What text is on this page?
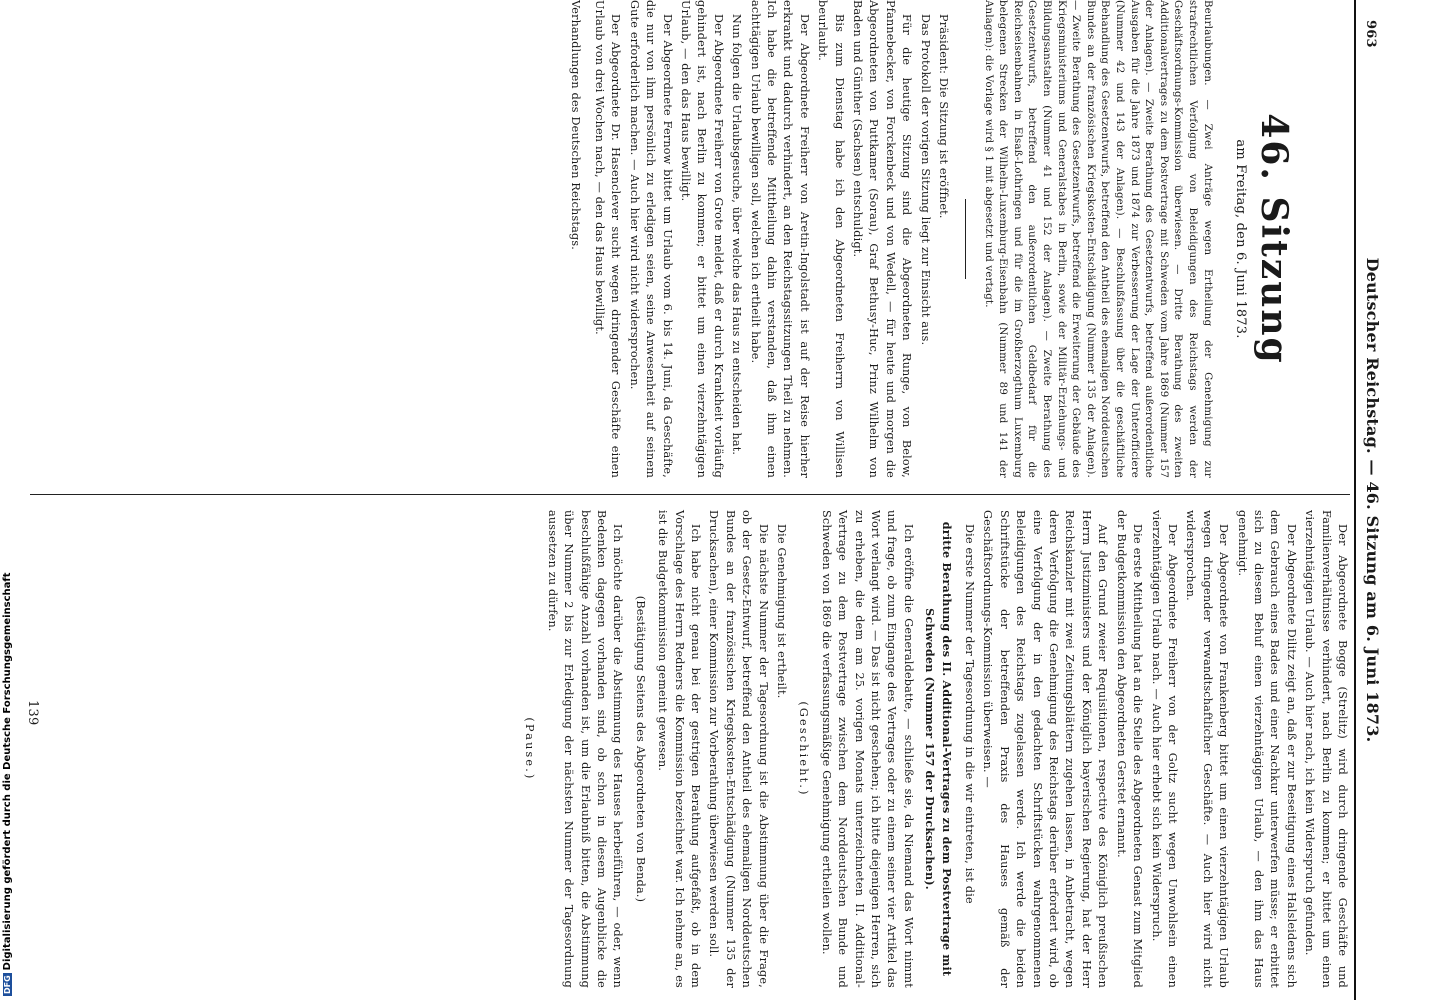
963
Deutscher Reichstag. — 46. Sitzung am 6. Juni 1873.
46. Sitzung
am Freitag, den 6. Juni 1873.

Beurlaubungen. — Zwei Anträge wegen Ertheilung der Genehmigung zur strafrechtlichen Verfolgung von Beleidigungen des Reichstags werden der Geschäftsordnungs-Kommission überwiesen. — Dritte Berathung des zweiten Additionalvertrages zu dem Postvertrage mit Schweden vom Jahre 1869 (Nummer 157 der Anlagen). — Zweite Berathung des Gesetzentwurfs, betreffend außerordentliche Ausgaben für die Jahre 1873 und 1874 zur Verbesserung der Lage der Unterofficiere (Nummer 42 und 143 der Anlagen). — Beschlußfassung über die geschäftliche Behandlung des Gesetzentwurfs, betreffend den Antheil des ehemaligen Norddeutschen Bundes an der französischen Kriegskosten-Entschädigung (Nummer 135 der Anlagen). — Zweite Berathung des Gesetzentwurfs, betreffend die Erweiterung der Gebäude des Kriegsministeriums und Generalstabes in Berlin, sowie der Militär-Erziehungs- und Bildungsanstalten (Nummer 41 und 152 der Anlagen). — Zweite Berathung des Gesetzentwurfs, betreffend den außerordentlichen Geldbedarf für die Reichseisenbahnen in Elsaß-Lothringen und für die im Großherzogthum Luxemburg belegenen Strecken der Wilhelm-Luxemburg-Eisenbahn (Nummer 89 und 141 der Anlagen): die Vorlage wird § 1 mit abgesetzt und vertagt.

Präsident: Die Sitzung ist eröffnet.

Das Protokoll der vorigen Sitzung liegt zur Einsicht aus.

Für die heutige Sitzung sind die Abgeordneten Runge, von Below, Pfannebecker, von Forckenbeck und von Wedell, — für heute und morgen die Abgeordneten von Puttkamer (Sorau), Graf Bethusy-Huc, Prinz Wilhelm von Baden und Günther (Sachsen) entschuldigt.

Bis zum Dienstag habe ich den Abgeordneten Freiherrn von Willisen beurlaubt.

Der Abgeordnete Freiherr von Aretin-Ingolstadt ist auf der Reise hierher erkrankt und dadurch verhindert, an den Reichstagssitzungen Theil zu nehmen. Ich habe die betreffende Mittheilung dahin verstanden, daß ihm einen achttägigen Urlaub bewilligen soll, welchen ich ertheilt habe.

Nun folgen die Urlaubsgesuche, über welche das Haus zu entscheiden hat.

Der Abgeordnete Freiherr von Grote meldet, daß er durch Krankheit vorläufig gehindert ist, nach Berlin zu kommen; er bittet um einen vierzehntägigen Urlaub, — den das Haus bewilligt.

Der Abgeordnete Fernow bittet um Urlaub vom 6. bis 14. Juni, da Geschäfte, die nur von ihm persönlich zu erledigen seien, seine Anwesenheit auf seinem Gute erforderlich machen. — Auch hier wird nicht widersprochen.

Der Abgeordnete Dr. Hasenclever sucht wegen dringender Geschäfte einen Urlaub von drei Wochen nach, — den das Haus bewilligt.

Verhandlungen des Deutschen Reichstags.

Der Abgeordnete Bogge (Strelitz) wird durch dringende Geschäfte und Familienverhältnisse verhindert, nach Berlin zu kommen; er bittet um einen vierzehntägigen Urlaub. — Auch hier nach, ich kein Widerspruch gefunden.

Der Abgeordnete Dilitz zeigt an, daß er zur Beseitigung eines Halsleidens sich dem Gebrauch eines Bades und einer Nachkur unterwerfen müsse; er erbittet sich zu diesem Behuf einen vierzehntägigen Urlaub, — den ihm das Haus genehmigt.

Der Abgeordnete von Frankenberg bittet um einen vierzehntägigen Urlaub wegen dringender verwandtschaftlicher Geschäfte. — Auch hier wird nicht widersprochen.

Der Abgeordnete Freiherr von der Goltz sucht wegen Unwohlsein einen vierzehntägigen Urlaub nach. — Auch hier erhebt sich kein Widerspruch.

Die erste Mittheilung hat an die Stelle des Abgeordneten Genast zum Mitglied der Budgetkommission den Abgeordneten Gerstet ernannt.

Auf den Grund zweier Requisitionen, respective des Königlich preußischen Herrn Justizministers und der Königlich bayerischen Regierung, hat der Herr Reichskanzler mit zwei Zeitungsblättern zugehen lassen, in Anbetracht, wegen deren Verfolgung die Genehmigung des Reichstags derüber erfordert wird, ob eine Verfolgung der in den gedachten Schriftstücken wahrgenommenen Beleidigungen des Reichstags zugelassen werde. Ich werde die beiden Schriftstücke der betreffenden Praxis des Hauses gemäß der Geschäftsordnungs-Kommission überweisen. —

Die erste Nummer der Tagesordnung in die wir eintreten, ist die

dritte Berathung des II. Additional-Vertrages zu dem Postvertrage mit Schweden (Nummer 157 der Drucksachen).

Ich eröffne die Generaldebatte, — schließe sie, da Niemand das Wort nimmt und frage, ob zum Eingange des Vertrages oder zu einem seiner vier Artikel das Wort verlangt wird. — Das ist nicht geschehen; ich bitte diejenigen Herren, sich zu erheben, die dem am 25. vorigen Monats unterzeichneten II. Additional-Vertrage zu dem Postvertrage zwischen dem Norddeutschen Bunde und Schweden von 1869 die verfassungsmäßige Genehmigung ertheilen wollen.

(Geschieht.)

Die Genehmigung ist ertheilt.

Die nächste Nummer der Tagesordnung ist die Abstimmung über die Frage, ob der Gesetz-Entwurf, betreffend den Antheil des ehemaligen Norddeutschen Bundes an der französischen Kriegskosten-Entschädigung (Nummer 135 der Drucksachen), einer Kommission zur Vorberathung überwiesen werden soll.

Ich habe nicht genau bei der gestrigen Berathung aufgefaßt, ob in dem Vorschlage des Herrn Redners die Kommission bezeichnet war. Ich nehme an, es ist die Budgetkommission gemeint gewesen.

(Bestätigung Seitens des Abgeordneten von Benda.)

Ich möchte darüber die Abstimmung des Hauses herbeiführen, — oder, wenn Bedenken dagegen vorhanden sind, ob schon in diesem Augenblicke die beschlußfähige Anzahl vorhanden ist, um die Erlaubniß bitten, die Abstimmung über Nummer 2 bis zur Erledigung der nächsten Nummer der Tagesordnung aussetzen zu dürfen.

(Pause.)

139
DFGDigitalisierung gefördert durch die Deutsche Forschungsgemeinschaft
